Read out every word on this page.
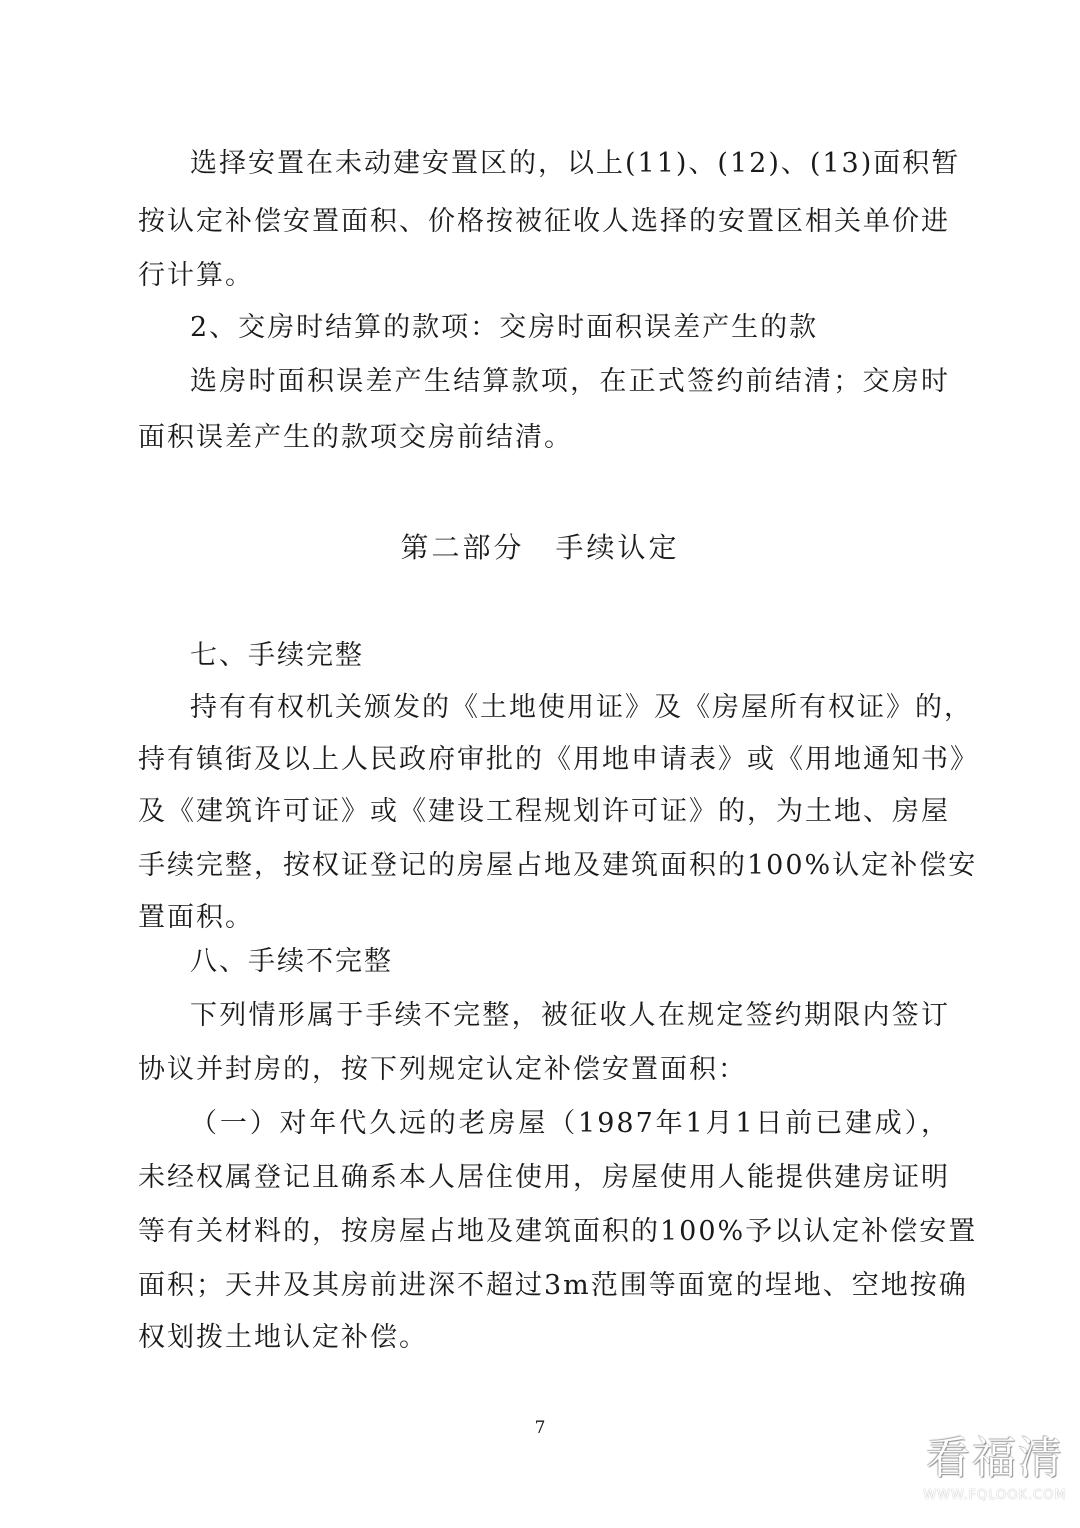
选择安置在未动建安置区的，以上(11)、(12)、(13)面积暂
按认定补偿安置面积、价格按被征收人选择的安置区相关单价进
行计算。
2、交房时结算的款项：交房时面积误差产生的款
选房时面积误差产生结算款项，在正式签约前结清；交房时
面积误差产生的款项交房前结清。
第二部分　手续认定
七、手续完整
持有有权机关颁发的《土地使用证》及《房屋所有权证》的，
持有镇街及以上人民政府审批的《用地申请表》或《用地通知书》
及《建筑许可证》或《建设工程规划许可证》的，为土地、房屋
手续完整，按权证登记的房屋占地及建筑面积的100%认定补偿安
置面积。
八、手续不完整
下列情形属于手续不完整，被征收人在规定签约期限内签订
协议并封房的，按下列规定认定补偿安置面积：
（一）对年代久远的老房屋（1987年1月1日前已建成），
未经权属登记且确系本人居住使用，房屋使用人能提供建房证明
等有关材料的，按房屋占地及建筑面积的100%予以认定补偿安置
面积；天井及其房前进深不超过3m范围等面宽的埕地、空地按确
权划拨土地认定补偿。
7
看福清
WWW.FQLOOK.COM
